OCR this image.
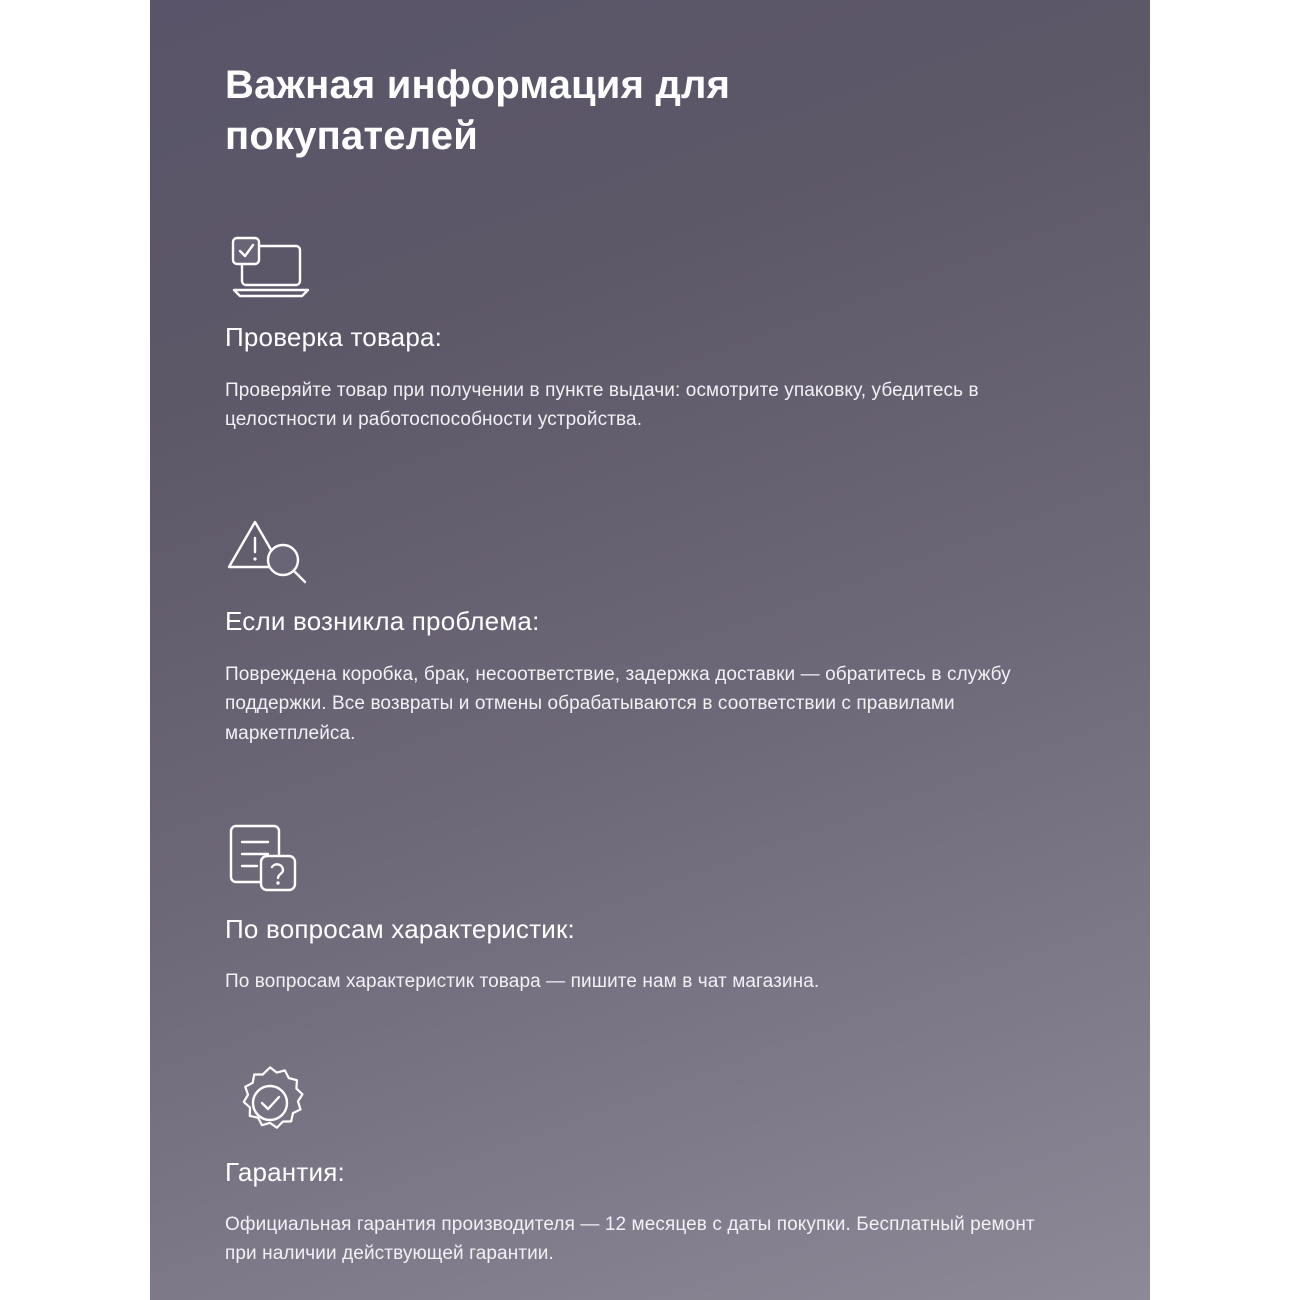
Важная информация для покупателей
Проверка товара:

Проверяйте товар при получении в пункте выдачи: осмотрите упаковку, убедитесь в целостности и работоспособности устройства.

Если возникла проблема:

Повреждена коробка, брак, несоответствие, задержка доставки — обратитесь в службу поддержки. Все возвраты и отмены обрабатываются в соответствии с правилами маркетплейса.

По вопросам характеристик:

По вопросам характеристик товара — пишите нам в чат магазина.

Гарантия:

Официальная гарантия производителя — 12 месяцев с даты покупки. Бесплатный ремонт при наличии действующей гарантии.
